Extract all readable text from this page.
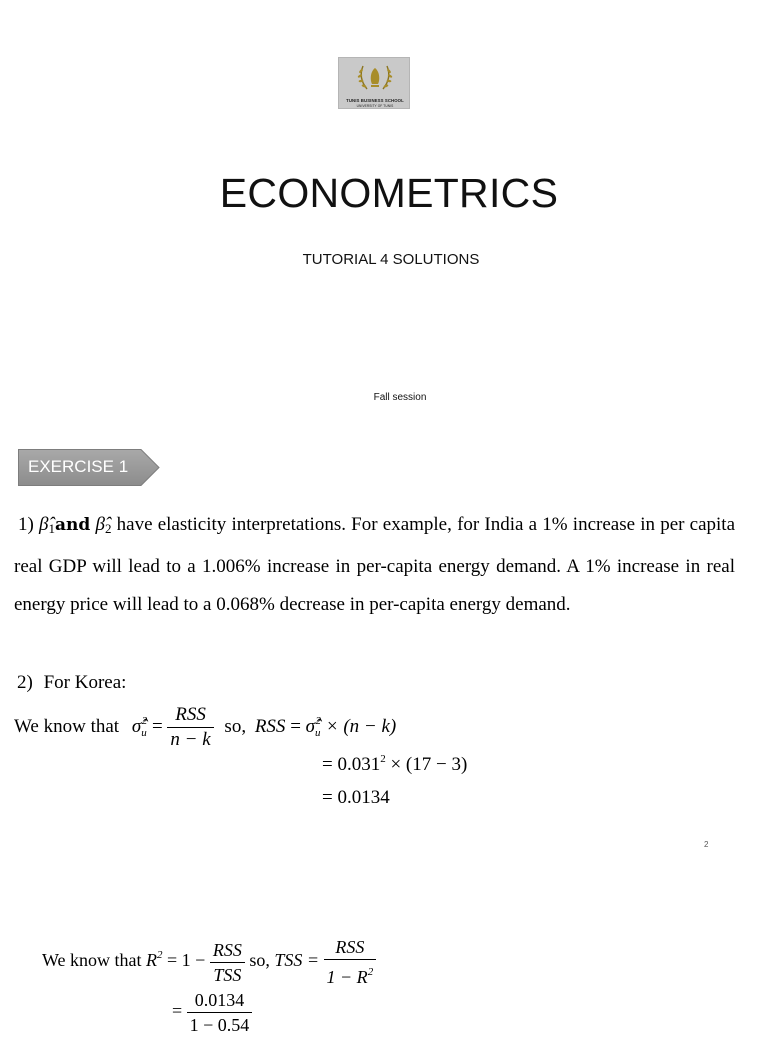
TUNIS BUSINESS SCHOOL
UNIVERSITY OF TUNIS
ECONOMETRICS
TUTORIAL 4 SOLUTIONS
Fall session
EXERCISE 1
1) $\betâ_1and$ $\betâ_2$ have elasticity interpretations. For example, for India a 1% increase in per capita real GDP will lead to a 1.006% increase in per-capita energy demand. A 1% increase in real energy price will lead to a 0.068% decrease in per-capita energy demand.
2) For Korea:
We know that $\sigmâ_u^2 = \frac{\text{RSS}}{n - k}$ so, RSS = $\sigmâ_u^2 \times (n - k)$
= $0.031^2 \times (17 - 3)$
= 0.0134
2
We know that $R^2 = 1 - \frac{\text{RSS}}{\text{TSS}}$ so, TSS = $\frac{\text{RSS}}{1 - R^2}$
= $\frac{0.0134}{1 - 0.54}$
